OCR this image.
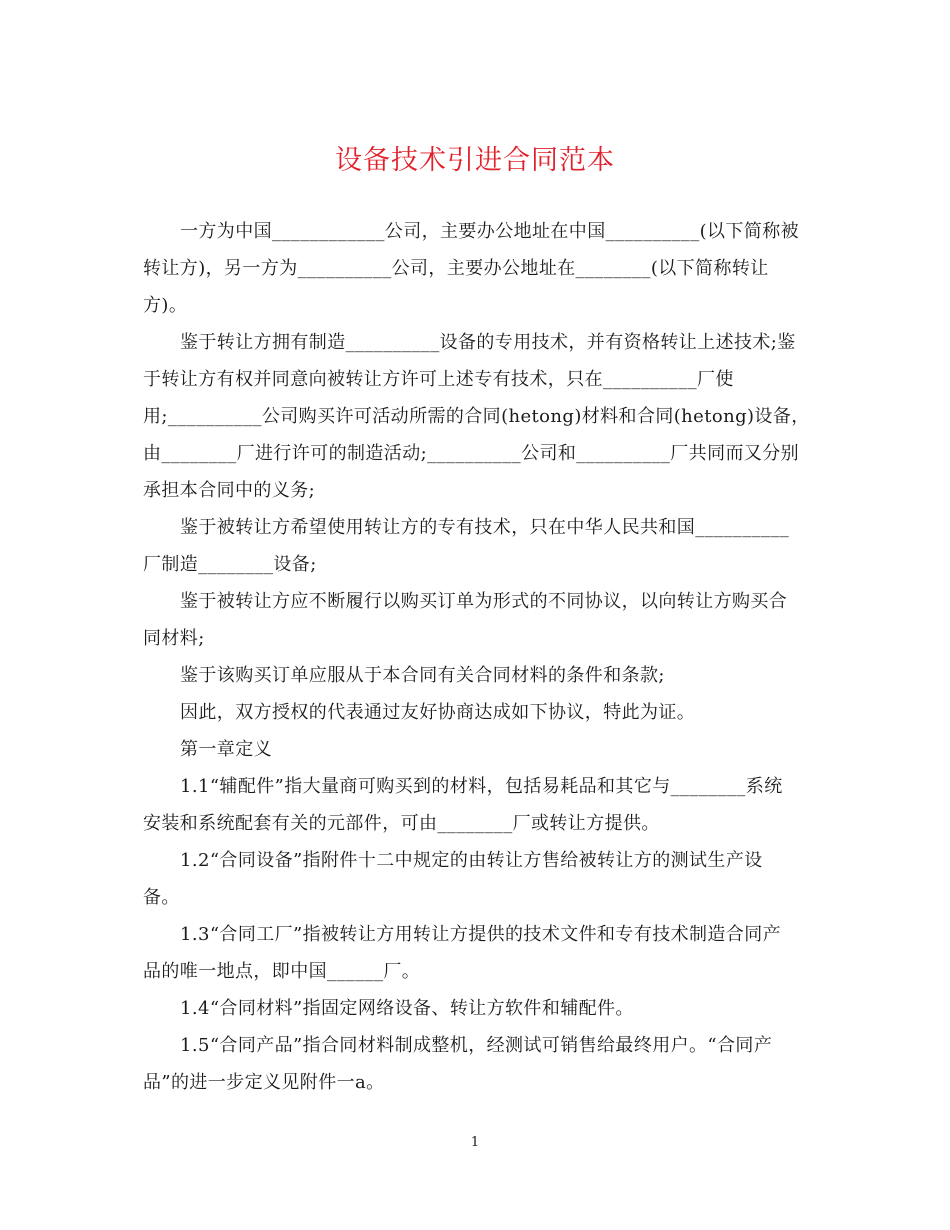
设备技术引进合同范本
一方为中国____________公司，主要办公地址在中国__________(以下简称被
转让方)，另一方为__________公司，主要办公地址在________(以下简称转让
方)。
鉴于转让方拥有制造__________设备的专用技术，并有资格转让上述技术;鉴
于转让方有权并同意向被转让方许可上述专有技术，只在__________厂使
用;__________公司购买许可活动所需的合同(hetong)材料和合同(hetong)设备，
由________厂进行许可的制造活动;__________公司和__________厂共同而又分别
承担本合同中的义务;
鉴于被转让方希望使用转让方的专有技术，只在中华人民共和国__________
厂制造________设备;
鉴于被转让方应不断履行以购买订单为形式的不同协议，以向转让方购买合
同材料;
鉴于该购买订单应服从于本合同有关合同材料的条件和条款;
因此，双方授权的代表通过友好协商达成如下协议，特此为证。
第一章定义
1.1“辅配件”指大量商可购买到的材料，包括易耗品和其它与________系统
安装和系统配套有关的元部件，可由________厂或转让方提供。
1.2“合同设备”指附件十二中规定的由转让方售给被转让方的测试生产设
备。
1.3“合同工厂”指被转让方用转让方提供的技术文件和专有技术制造合同产
品的唯一地点，即中国______厂。
1.4“合同材料”指固定网络设备、转让方软件和辅配件。
1.5“合同产品”指合同材料制成整机，经测试可销售给最终用户。“合同产
品”的进一步定义见附件一a。
1
